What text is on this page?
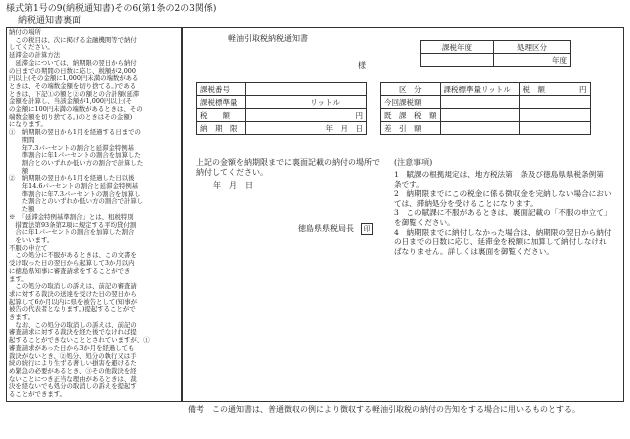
様式第1号の9(納税通知書)その6(第1条の2の3関係)
納税通知書裏面

納付の場所

　この税目は、次に掲げる金融機関等で納付

してください。

延滞金の計算方法

　延滞金については、納期限の翌日から納付

の日までの期間の日数に応じ、税額が2,000

円以上(その金額に1,000円未満の端数がある

ときは、その端数金額を切り捨てる。)である

ときは、下記①の額と②の額との合計額(延滞

金額を計算し、当該金額が1,000円以上(そ

の金額に100円未満の端数があるときは、その

端数金額を切り捨てる。)のときはその金額)

になります。

①　納期限の翌日から1月を経過する日までの

　　期間

　　年7.3パーセントの割合と延滞金特例基

　　準割合に年1パーセントの割合を加算した

　　割合とのいずれか低い方の割合で計算した

　　額

②　納期限の翌日から1月を経過した日以後

　　年14.6パーセントの割合と延滞金特例基

　　準割合に年7.3パーセントの割合を加算し

　　た割合とのいずれか低い方の割合で計算し

　　た額

※　「延滞金特例基準割合」とは、租税特別

　措置法第93条第2項に規定する平均貸付割

　合に年1パーセントの割合を加算した割合

　をいいます。

不服の申立て

　この処分に不服があるときは、この文書を

受け取った日の翌日から起算して3か月以内

に徳島県知事に審査請求をすることができ

ます。

　この処分の取消しの訴えは、前記の審査請

求に対する裁決の送達を受けた日の翌日から

起算して6か月以内に県を被告として(知事が

被告の代表者となります。)提起することがで

きます。

　なお、この処分の取消しの訴えは、前記の

審査請求に対する裁決を経た後でなければ提

起することができないこととされていますが、①

審査請求があった日から3か月を経過しても

裁決がないとき、②処分、処分の執行又は手

続の続行により生ずる著しい損害を避けるた

め緊急の必要があるとき、③その他裁決を経

ないことにつき正当な理由があるときは、裁

決を経ないでも処分の取消しの訴えを提起す

ることができます。

軽油引取税納税通知書
様
課税年度	処理区分
	年度
課税番号	
課税標準量	リットル
税　　額	円
納　期　限	年　月　日
区　分	課税標準量リットル	税　額	円
今回課税額			
既　課　税　額			
差　引　額			
上記の金額を納期限までに裏面記載の納付の場所で納付してください。
年　月　日
徳島県県税局長	印
(注意事項)
1　賦課の根拠規定は、地方税法第　条及び徳島県県税条例第　条です。
2　納期限までにこの税金に係る徴収金を完納しない場合においては、滞納処分を受けることになります。
3　この賦課に不服があるときは、裏面記載の「不服の申立て」を御覧ください。
4　納期限までに納付しなかった場合は、納期限の翌日から納付の日までの日数に応じ、延滞金を税額に加算して納付しなければなりません。詳しくは裏面を御覧ください。
備考　この通知書は、普通徴収の例により徴収する軽油引取税の納付の告知をする場合に用いるものとする。
